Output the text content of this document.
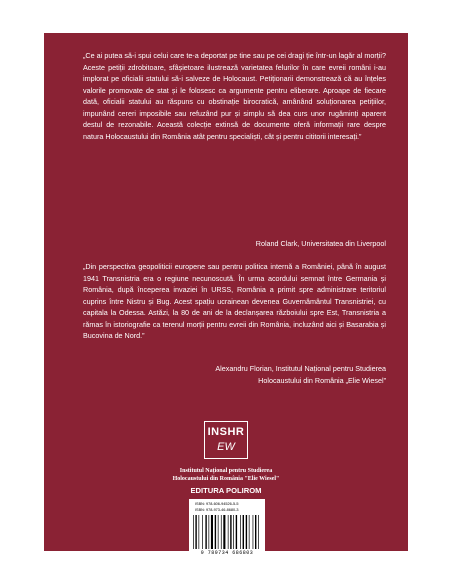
„Ce ai putea să-i spui celui care te-a deportat pe tine sau pe cei dragi ție într-un lagăr al morții? Aceste petiții zdrobitoare, sfâșietoare ilustrează varietatea felurilor în care evreii români i-au implorat pe oficialii statului să-i salveze de Holocaust. Petiționarii demonstrează că au înțeles valorile promovate de stat și le folosesc ca argumente pentru eliberare. Aproape de fiecare dată, oficialii statului au răspuns cu obstinație birocratică, amânând soluționarea petițiilor, impunând cereri imposibile sau refuzând pur și simplu să dea curs unor rugăminți aparent destul de rezonabile. Această colecție extinsă de documente oferă informații rare despre natura Holocaustului din România atât pentru specialiști, cât și pentru cititorii interesați.”

Roland Clark, Universitatea din Liverpool

„Din perspectiva geopoliticii europene sau pentru politica internă a României, până în august 1941 Transnistria era o regiune necunoscută. În urma acordului semnat între Germania și România, după începerea invaziei în URSS, România a primit spre administrare teritoriul cuprins între Nistru și Bug. Acest spațiu ucrainean devenea Guvernământul Transnistriei, cu capitala la Odessa. Astăzi, la 80 de ani de la declanșarea războiului spre Est, Transnistria a rămas în istoriografie ca terenul morții pentru evreii din România, incluzând aici și Basarabia și Bucovina de Nord.”

Alexandru Florian, Institutul Național pentru Studierea
Holocaustului din România „Elie Wiesel”
INSHR
EW
Institutul Național pentru Studierea
Holocaustului din România "Elie Wiesel"
EDITURA POLIROM
ISBN: 978-606-94526-5-5
ISBN: 978-973-46-8680-3
9 789734 686803
www.inshr-ew.ro
www.polirom.ro
